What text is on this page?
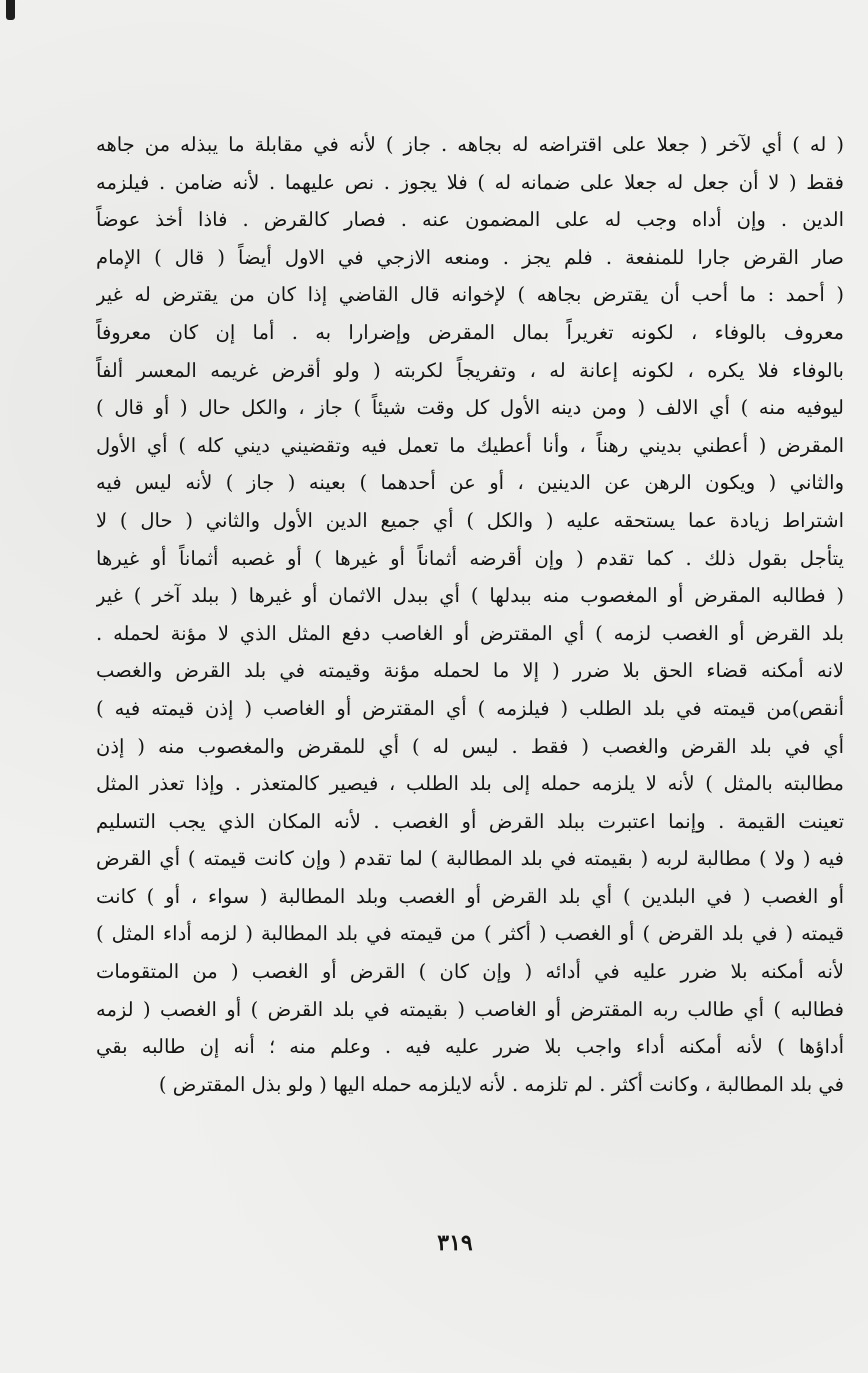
( له ) أي لآخر ( جعلا على اقتراضه له بجاهه . جاز ) لأنه في مقابلة ما يبذله من جاهه
فقط ( لا أن جعل له جعلا على ضمانه له ) فلا يجوز . نص عليهما . لأنه ضامن . فيلزمه
الدين . وإن أداه وجب له على المضمون عنه . فصار كالقرض . فاذا أخذ عوضاً
صار القرض جارا للمنفعة . فلم يجز . ومنعه الازجي في الاول أيضاً ( قال ) الإمام
( أحمد : ما أحب أن يقترض بجاهه ) لإخوانه قال القاضي إذا كان من يقترض له غير
معروف بالوفاء ، لكونه تغريراً بمال المقرض وإضرارا به . أما إن كان معروفاً
بالوفاء فلا يكره ، لكونه إعانة له ، وتفريجاً لكربته ( ولو أقرض غريمه المعسر ألفاً
ليوفيه منه ) أي الالف ( ومن دينه الأول كل وقت شيئاً ) جاز ، والكل حال ( أو قال )
المقرض ( أعطني بديني رهناً ، وأنا أعطيك ما تعمل فيه وتقضيني ديني كله ) أي الأول
والثاني ( ويكون الرهن عن الدينين ، أو عن أحدهما ) بعينه ( جاز ) لأنه ليس فيه
اشتراط زيادة عما يستحقه عليه ( والكل ) أي جميع الدين الأول والثاني ( حال ) لا
يتأجل بقول ذلك . كما تقدم ( وإن أقرضه أثماناً أو غيرها ) أو غصبه أثماناً أو غيرها
( فطالبه المقرض أو المغصوب منه ببدلها ) أي ببدل الاثمان أو غيرها ( ببلد آخر ) غير
بلد القرض أو الغصب لزمه ) أي المقترض أو الغاصب دفع المثل الذي لا مؤنة لحمله .
لانه أمكنه قضاء الحق بلا ضرر ( إلا ما لحمله مؤنة وقيمته في بلد القرض والغصب
أنقص)من قيمته في بلد الطلب ( فيلزمه ) أي المقترض أو الغاصب ( إذن قيمته فيه )
أي في بلد القرض والغصب ( فقط . ليس له ) أي للمقرض والمغصوب منه ( إذن
مطالبته بالمثل ) لأنه لا يلزمه حمله إلى بلد الطلب ، فيصير كالمتعذر . وإذا تعذر المثل
تعينت القيمة . وإنما اعتبرت ببلد القرض أو الغصب . لأنه المكان الذي يجب التسليم
فيه ( ولا ) مطالبة لربه ( بقيمته في بلد المطالبة ) لما تقدم ( وإن كانت قيمته ) أي القرض
أو الغصب ( في البلدين ) أي بلد القرض أو الغصب وبلد المطالبة ( سواء ، أو ) كانت
قيمته ( في بلد القرض ) أو الغصب ( أكثر ) من قيمته في بلد المطالبة ( لزمه أداء المثل )
لأنه أمكنه بلا ضرر عليه في أدائه ( وإن كان ) القرض أو الغصب ( من المتقومات
فطالبه ) أي طالب ربه المقترض أو الغاصب ( بقيمته في بلد القرض ) أو الغصب ( لزمه
أداؤها ) لأنه أمكنه أداء واجب بلا ضرر عليه فيه . وعلم منه ؛ أنه إن طالبه بقي
في بلد المطالبة ، وكانت أكثر . لم تلزمه . لأنه لايلزمه حمله اليها ( ولو بذل المقترض )
٣١٩
